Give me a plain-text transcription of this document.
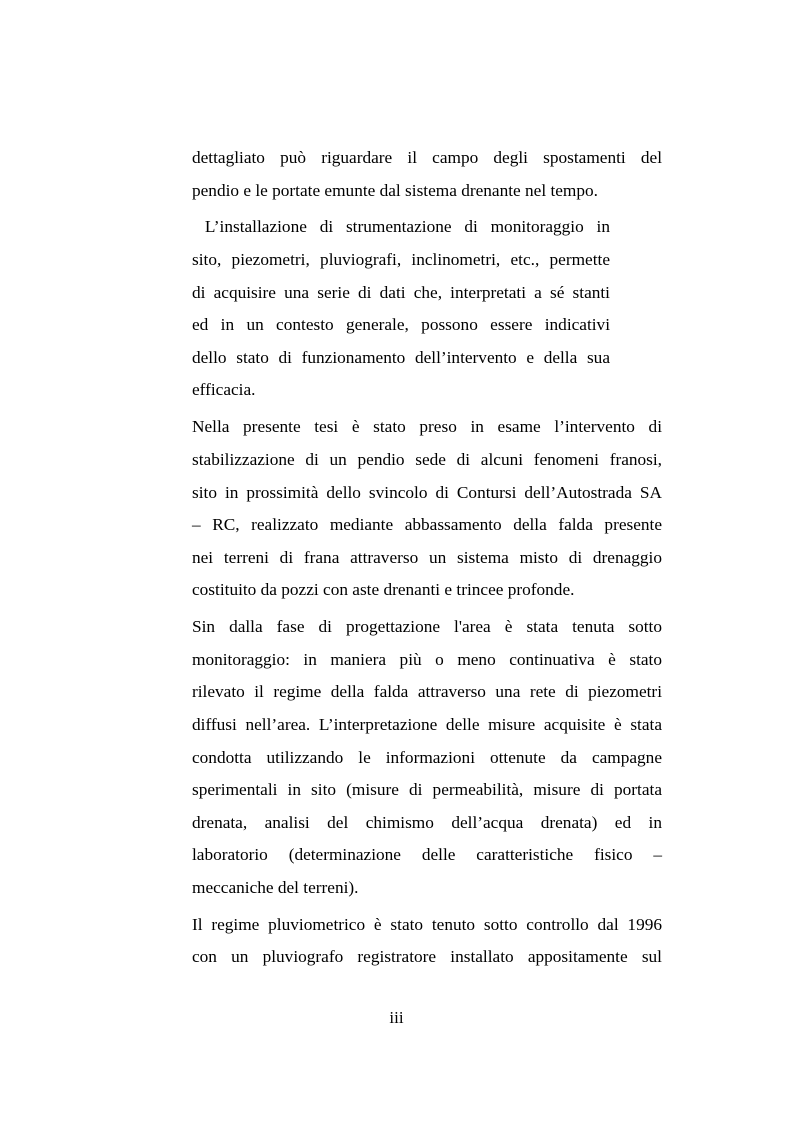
dettagliato può riguardare il campo degli spostamenti del
pendio e le portate emunte dal sistema drenante nel tempo.

L’installazione di strumentazione di monitoraggio in
sito, piezometri, pluviografi, inclinometri, etc., permette
di acquisire una serie di dati che, interpretati a sé stanti
ed in un contesto generale, possono essere indicativi
dello stato di funzionamento dell’intervento e della sua
efficacia.

Nella presente tesi è stato preso in esame l’intervento di
stabilizzazione di un pendio sede di alcuni fenomeni franosi,
sito in prossimità dello svincolo di Contursi dell’Autostrada SA
– RC, realizzato mediante abbassamento della falda presente
nei terreni di frana attraverso un sistema misto di drenaggio
costituito da pozzi con aste drenanti e trincee profonde.

Sin dalla fase di progettazione l'area è stata tenuta sotto
monitoraggio: in maniera più o meno continuativa è stato
rilevato il regime della falda attraverso una rete di piezometri
diffusi nell’area. L’interpretazione delle misure acquisite è stata
condotta utilizzando le informazioni ottenute da campagne
sperimentali in sito (misure di permeabilità, misure di portata
drenata, analisi del chimismo dell’acqua drenata) ed in
laboratorio (determinazione delle caratteristiche fisico –
meccaniche del terreni).

Il regime pluviometrico è stato tenuto sotto controllo dal 1996
con un pluviografo registratore installato appositamente sul

iii
